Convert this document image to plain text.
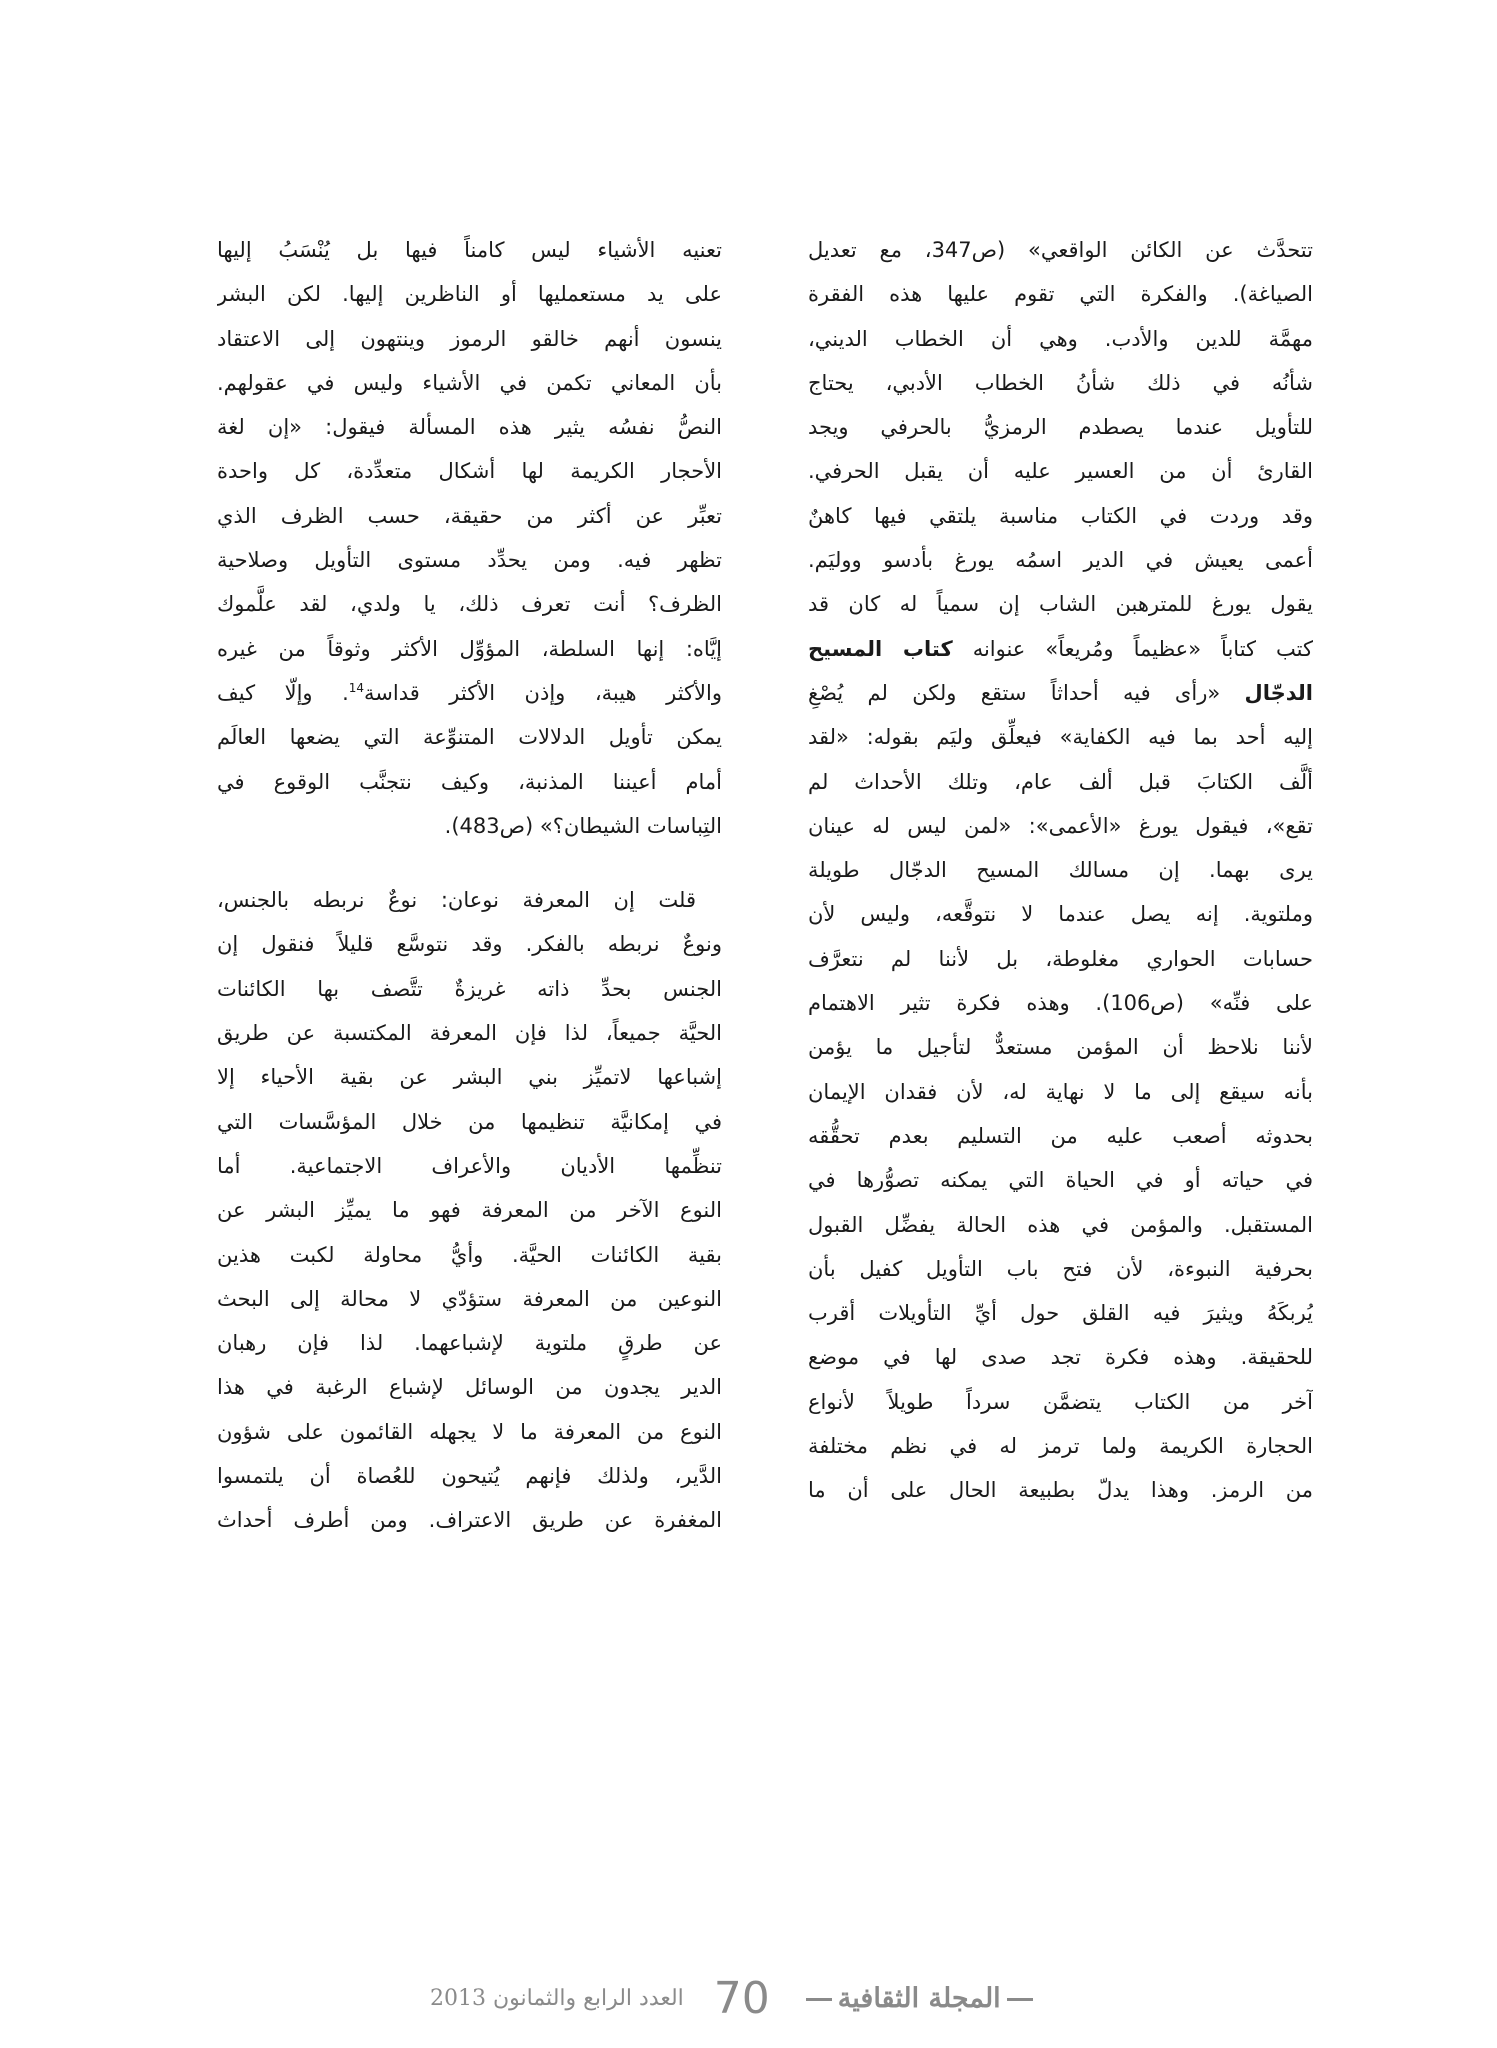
تتحدَّث عن الكائن الواقعي» (ص347، مع تعديل
الصياغة). والفكرة التي تقوم عليها هذه الفقرة
مهمَّة للدين والأدب. وهي أن الخطاب الديني،
شأنُه في ذلك شأنُ الخطاب الأدبي، يحتاج
للتأويل عندما يصطدم الرمزيُّ بالحرفي ويجد
القارئ أن من العسير عليه أن يقبل الحرفي.
وقد وردت في الكتاب مناسبة يلتقي فيها كاهنٌ
أعمى يعيش في الدير اسمُه يورغ بأدسو ووليَم.
يقول يورغ للمترهبن الشاب إن سمياً له كان قد
كتب كتاباً «عظيماً ومُريعاً» عنوانه كتاب المسيح
الدجّال «رأى فيه أحداثاً ستقع ولكن لم يُصْغِ
إليه أحد بما فيه الكفاية» فيعلِّق وليَم بقوله: «لقد
ألَّف الكتابَ قبل ألف عام، وتلك الأحداث لم
تقع»، فيقول يورغ «الأعمى»: «لمن ليس له عينان
يرى بهما. إن مسالك المسيح الدجّال طويلة
وملتوية. إنه يصل عندما لا نتوقَّعه، وليس لأن
حسابات الحواري مغلوطة، بل لأننا لم نتعرَّف
على فنِّه» (ص106). وهذه فكرة تثير الاهتمام
لأننا نلاحظ أن المؤمن مستعدٌّ لتأجيل ما يؤمن
بأنه سيقع إلى ما لا نهاية له، لأن فقدان الإيمان
بحدوثه أصعب عليه من التسليم بعدم تحقُّقه
في حياته أو في الحياة التي يمكنه تصوُّرها في
المستقبل. والمؤمن في هذه الحالة يفضِّل القبول
بحرفية النبوءة، لأن فتح باب التأويل كفيل بأن
يُربكَهُ ويثيرَ فيه القلق حول أيِّ التأويلات أقرب
للحقيقة. وهذه فكرة تجد صدى لها في موضع
آخر من الكتاب يتضمَّن سرداً طويلاً لأنواع
الحجارة الكريمة ولما ترمز له في نظم مختلفة
من الرمز. وهذا يدلّ بطبيعة الحال على أن ما
تعنيه الأشياء ليس كامناً فيها بل يُنْسَبُ إليها
على يد مستعمليها أو الناظرين إليها. لكن البشر
ينسون أنهم خالقو الرموز وينتهون إلى الاعتقاد
بأن المعاني تكمن في الأشياء وليس في عقولهم.
النصُّ نفسُه يثير هذه المسألة فيقول: «إن لغة
الأحجار الكريمة لها أشكال متعدِّدة، كل واحدة
تعبِّر عن أكثر من حقيقة، حسب الظرف الذي
تظهر فيه. ومن يحدِّد مستوى التأويل وصلاحية
الظرف؟ أنت تعرف ذلك، يا ولدي، لقد علَّموك
إيَّاه: إنها السلطة، المؤوِّل الأكثر وثوقاً من غيره
والأكثر هيبة، وإذن الأكثر قداسة$^{14}$. وإلّا كيف
يمكن تأويل الدلالات المتنوِّعة التي يضعها العالَم
أمام أعيننا المذنبة، وكيف نتجنَّب الوقوع في
التِباسات الشيطان؟» (ص483).
قلت إن المعرفة نوعان: نوعٌ نربطه بالجنس،
ونوعٌ نربطه بالفكر. وقد نتوسَّع قليلاً فنقول إن
الجنس بحدِّ ذاته غريزةٌ تتَّصف بها الكائنات
الحيَّة جميعاً، لذا فإن المعرفة المكتسبة عن طريق
إشباعها لاتميِّز بني البشر عن بقية الأحياء إلا
في إمكانيَّة تنظيمها من خلال المؤسَّسات التي
تنظِّمها الأديان والأعراف الاجتماعية. أما
النوع الآخر من المعرفة فهو ما يميِّز البشر عن
بقية الكائنات الحيَّة. وأيُّ محاولة لكبت هذين
النوعين من المعرفة ستؤدّي لا محالة إلى البحث
عن طرقٍ ملتوية لإشباعهما. لذا فإن رهبان
الدير يجدون من الوسائل لإشباع الرغبة في هذا
النوع من المعرفة ما لا يجهله القائمون على شؤون
الدَّير، ولذلك فإنهم يُتيحون للعُصاة أن يلتمسوا
المغفرة عن طريق الاعتراف. ومن أطرف أحداث
العدد الرابع والثمانون 2013 70	المجلة الثقافية
